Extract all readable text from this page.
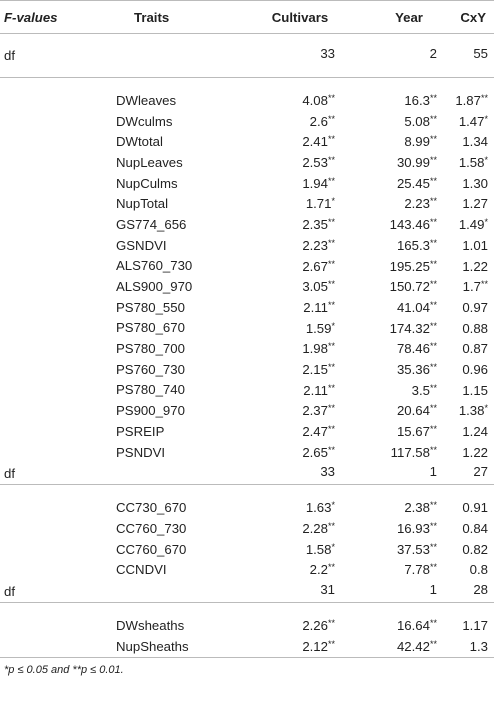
F-values	Traits	Cultivars	Year	CxY
df		33	2	55

	DWleaves	4.08**	16.3**	1.87**

	DWculms	2.6**	5.08**	1.47*

	DWtotal	2.41**	8.99**	1.34

	NupLeaves	2.53**	30.99**	1.58*

	NupCulms	1.94**	25.45**	1.30

	NupTotal	1.71*	2.23**	1.27

	GS774_656	2.35**	143.46**	1.49*

	GSNDVI	2.23**	165.3**	1.01

	ALS760_730	2.67**	195.25**	1.22

	ALS900_970	3.05**	150.72**	1.7**

	PS780_550	2.11**	41.04**	0.97

	PS780_670	1.59*	174.32**	0.88

	PS780_700	1.98**	78.46**	0.87

	PS760_730	2.15**	35.36**	0.96

	PS780_740	2.11**	3.5**	1.15

	PS900_970	2.37**	20.64**	1.38*

	PSREIP	2.47**	15.67**	1.24

	PSNDVI	2.65**	117.58**	1.22

df		33	1	27

	CC730_670	1.63*	2.38**	0.91

	CC760_730	2.28**	16.93**	0.84

	CC760_670	1.58*	37.53**	0.82

	CCNDVI	2.2**	7.78**	0.8

df		31	1	28

	DWsheaths	2.26**	16.64**	1.17

	NupSheaths	2.12**	42.42**	1.3
*p ≤ 0.05 and **p ≤ 0.01.
